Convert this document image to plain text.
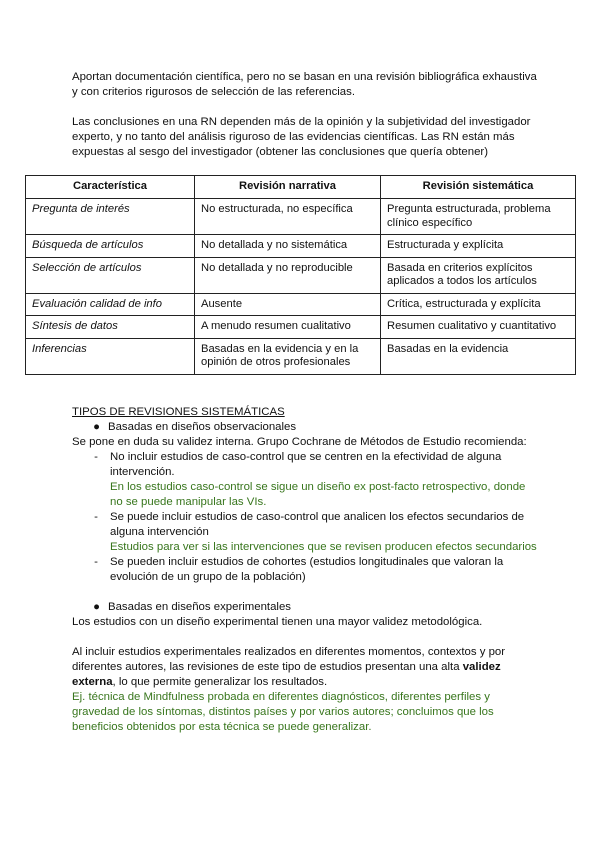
Aportan documentación científica, pero no se basan en una revisión bibliográfica exhaustiva

y con criterios rigurosos de selección de las referencias.

Las conclusiones en una RN dependen más de la opinión y la subjetividad del investigador

experto, y no tanto del análisis riguroso de las evidencias científicas. Las RN están más

expuestas al sesgo del investigador (obtener las conclusiones que quería obtener)

Característica	Revisión narrativa	Revisión sistemática
Pregunta de interés	No estructurada, no específica	Pregunta estructurada, problema clínico específico
Búsqueda de artículos	No detallada y no sistemática	Estructurada y explícita
Selección de artículos	No detallada y no reproducible	Basada en criterios explícitos aplicados a todos los artículos
Evaluación calidad de info	Ausente	Crítica, estructurada y explícita
Síntesis de datos	A menudo resumen cualitativo	Resumen cualitativo y cuantitativo
Inferencias	Basadas en la evidencia y en la opinión de otros profesionales	Basadas en la evidencia

TIPOS DE REVISIONES SISTEMÁTICAS

● Basadas en diseños observacionales

Se pone en duda su validez interna. Grupo Cochrane de Métodos de Estudio recomienda:

-	No incluir estudios de caso-control que se centren en la efectividad de alguna

intervención.

En los estudios caso-control se sigue un diseño ex post-facto retrospectivo, donde

no se puede manipular las VIs.

-	Se puede incluir estudios de caso-control que analicen los efectos secundarios de

alguna intervención

Estudios para ver si las intervenciones que se revisen producen efectos secundarios

-	Se pueden incluir estudios de cohortes (estudios longitudinales que valoran la

evolución de un grupo de la población)

● Basadas en diseños experimentales

Los estudios con un diseño experimental tienen una mayor validez metodológica.

Al incluir estudios experimentales realizados en diferentes momentos, contextos y por

diferentes autores, las revisiones de este tipo de estudios presentan una alta validez

externa, lo que permite generalizar los resultados.

Ej. técnica de Mindfulness probada en diferentes diagnósticos, diferentes perfiles y

gravedad de los síntomas, distintos países y por varios autores; concluimos que los

beneficios obtenidos por esta técnica se puede generalizar.
